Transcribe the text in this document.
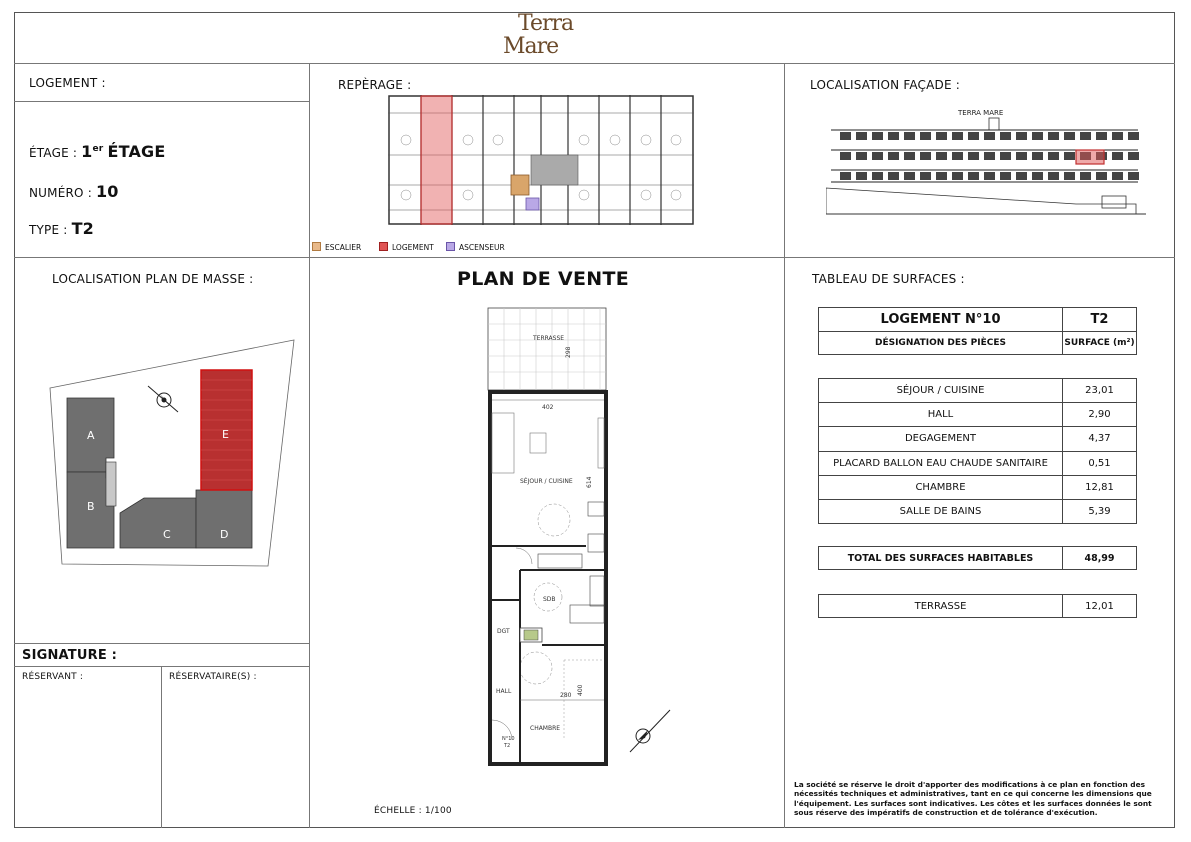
Terra
Mare
LOGEMENT :
ÉTAGE :
1er
ÉTAGE
NUMÉRO :
10
TYPE :
T2
REPÈRAGE :
ESCALIER	LOGEMENT	ASCENSEUR
LOCALISATION FAÇADE :
TERRA MARE
LOCALISATION PLAN DE MASSE :
A
B
C	D
E
SIGNATURE :
RÉSERVANT :	RÉSERVATAIRE(S) :
PLAN DE VENTE
TERRASSE
298
402
SÉJOUR / CUISINE 614
SDB
DGT
HALL
280 400
CHAMBRE
N°10
T2
ÉCHELLE : 1/100
TABLEAU DE SURFACES :
LOGEMENT N°10	T2
DÉSIGNATION DES PIÈCES	SURFACE (m²)
SÉJOUR / CUISINE	23,01
HALL	2,90
DEGAGEMENT	4,37
PLACARD BALLON EAU CHAUDE SANITAIRE	0,51
CHAMBRE	12,81
SALLE DE BAINS	5,39
TOTAL DES SURFACES HABITABLES	48,99
TERRASSE	12,01
La société se réserve le droit d'apporter des modifications à ce plan en fonction des nécessités techniques et administratives, tant en ce qui concerne les dimensions que l'équipement. Les surfaces sont indicatives. Les côtes et les surfaces données le sont sous réserve des impératifs de construction et de tolérance d'exécution.
